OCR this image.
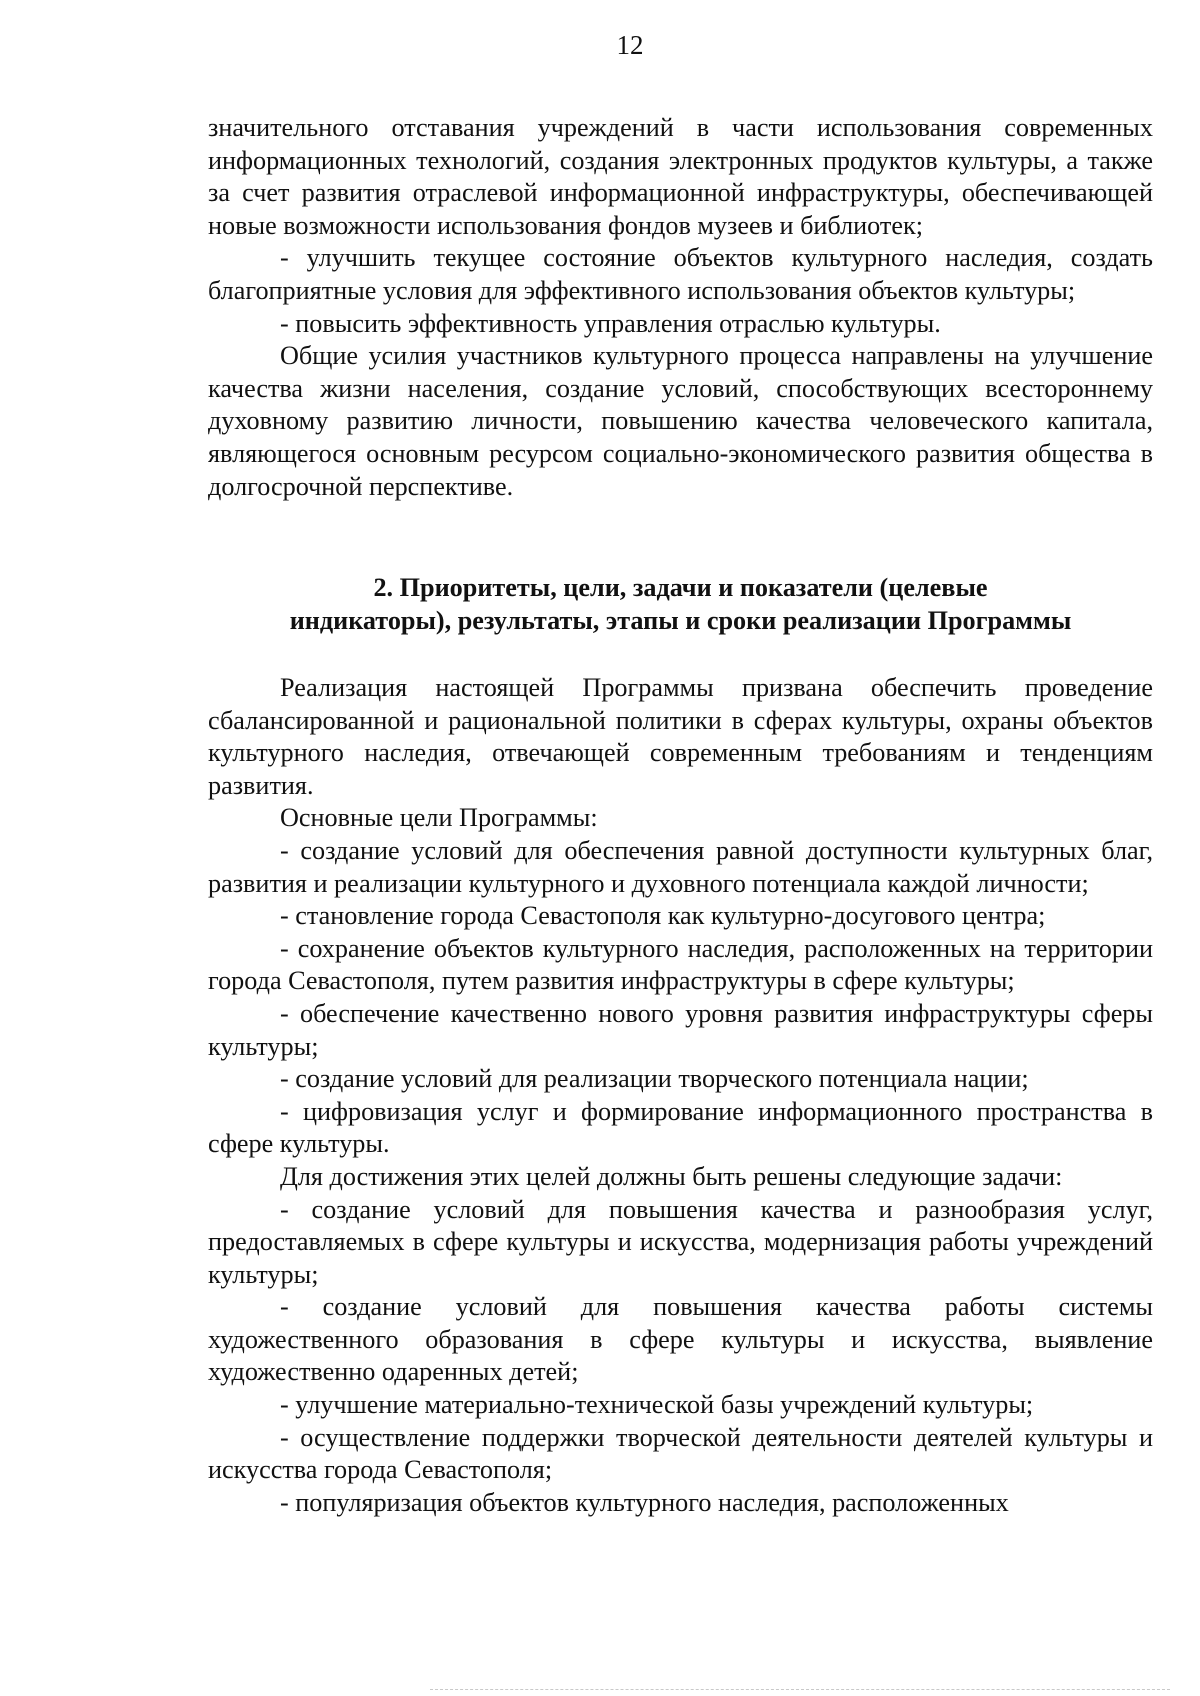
12

значительного отставания учреждений в части использования современных информационных технологий, создания электронных продуктов культуры, а также за счет развития отраслевой информационной инфраструктуры, обеспечивающей новые возможности использования фондов музеев и библиотек;

- улучшить текущее состояние объектов культурного наследия, создать благоприятные условия для эффективного использования объектов культуры;

- повысить эффективность управления отраслью культуры.

Общие усилия участников культурного процесса направлены на улучшение качества жизни населения, создание условий, способствующих всестороннему духовному развитию личности, повышению качества человеческого капитала, являющегося основным ресурсом социально-экономического развития общества в долгосрочной перспективе.

2. Приоритеты, цели, задачи и показатели (целевые
индикаторы), результаты, этапы и сроки реализации Программы

Реализация настоящей Программы призвана обеспечить проведение сбалансированной и рациональной политики в сферах культуры, охраны объектов культурного наследия, отвечающей современным требованиям и тенденциям развития.

Основные цели Программы:

- создание условий для обеспечения равной доступности культурных благ, развития и реализации культурного и духовного потенциала каждой личности;

- становление города Севастополя как культурно-досугового центра;

- сохранение объектов культурного наследия, расположенных на территории города Севастополя, путем развития инфраструктуры в сфере культуры;

- обеспечение качественно нового уровня развития инфраструктуры сферы культуры;

- создание условий для реализации творческого потенциала нации;

- цифровизация услуг и формирование информационного пространства в сфере культуры.

Для достижения этих целей должны быть решены следующие задачи:

- создание условий для повышения качества и разнообразия услуг, предоставляемых в сфере культуры и искусства, модернизация работы учреждений культуры;

- создание условий для повышения качества работы системы художественного образования в сфере культуры и искусства, выявление художественно одаренных детей;

- улучшение материально-технической базы учреждений культуры;

- осуществление поддержки творческой деятельности деятелей культуры и искусства города Севастополя;

- популяризация объектов культурного наследия, расположенных
